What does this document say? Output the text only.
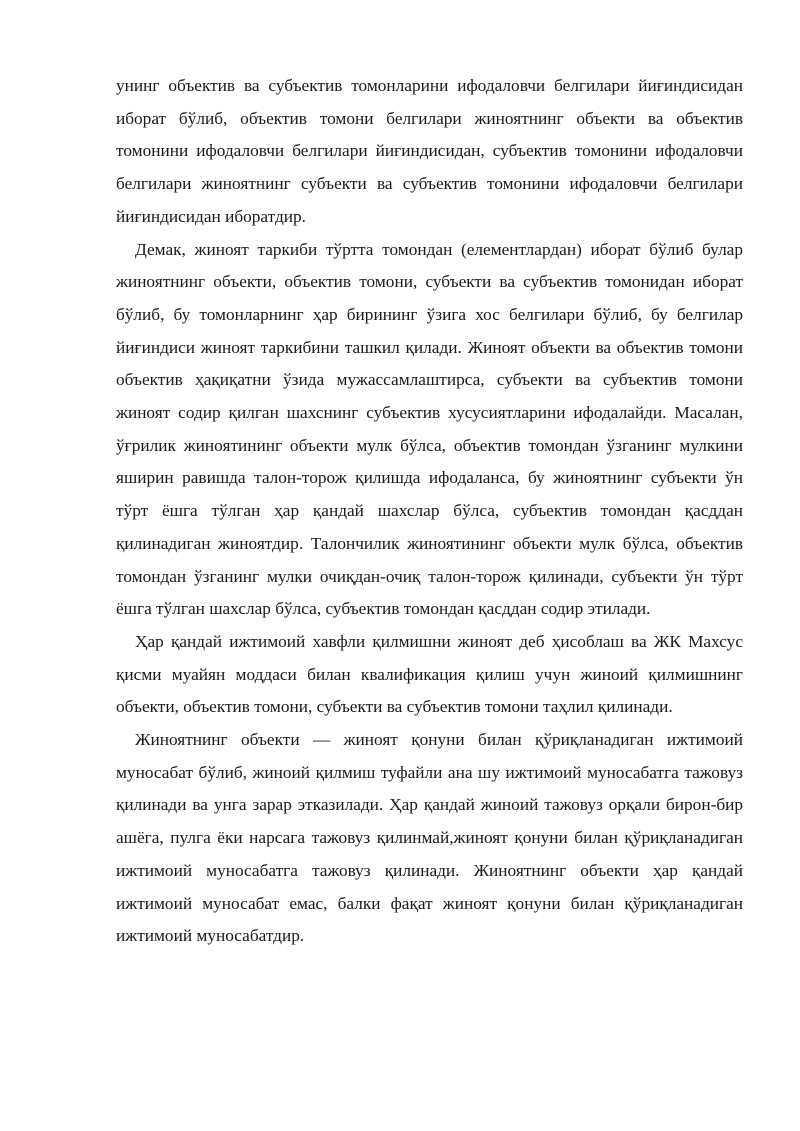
унинг объектив ва субъектив томонларини ифодаловчи белгилари йиғиндисидан иборат бўлиб, объектив томони белгилари жиноятнинг объекти ва объектив томонини ифодаловчи белгилари йиғиндисидан, субъектив томонини ифодаловчи белгилари жиноятнинг субъекти ва субъектив томонини ифодаловчи белгилари йиғиндисидан иборатдир.

Демак, жиноят таркиби тўртта томондан (елементлардан) иборат бўлиб булар жиноятнинг объекти, объектив томони, субъекти ва субъектив томонидан иборат бўлиб, бу томонларнинг ҳар бирининг ўзига хос белгилари бўлиб, бу белгилар йиғиндиси жиноят таркибини ташкил қилади. Жиноят объекти ва объектив томони объектив ҳақиқатни ўзида мужассамлаштирса, субъекти ва субъектив томони жиноят содир қилган шахснинг субъектив хусусиятларини ифодалайди. Масалан, ўғрилик жиноятининг объекти мулк бўлса, объектив томондан ўзганинг мулкини яширин равишда талон-торож қилишда ифодаланса, бу жиноятнинг субъекти ўн тўрт ёшга тўлган ҳар қандай шахслар бўлса, субъектив томондан қасддан қилинадиган жиноятдир. Талончилик жиноятининг объекти мулк бўлса, объектив томондан ўзганинг мулки очиқдан-очиқ талон-торож қилинади, субъекти ўн тўрт ёшга тўлган шахслар бўлса, субъектив томондан қасддан содир этилади.

Ҳар қандай ижтимоий хавфли қилмишни жиноят деб ҳисоблаш ва ЖК Махсус қисми муайян моддаси билан квалификация қилиш учун жиноий қилмишнинг объекти, объектив томони, субъекти ва субъектив томони таҳлил қилинади.

Жиноятнинг объекти — жиноят қонуни билан қўриқланадиган ижтимоий муносабат бўлиб, жиноий қилмиш туфайли ана шу ижтимоий муносабатга тажовуз қилинади ва унга зарар этказилади. Ҳар қандай жиноий тажовуз орқали бирон-бир ашёга, пулга ёки нарсага тажовуз қилинмай,жиноят қонуни билан қўриқланадиган ижтимоий муносабатга тажовуз қилинади. Жиноятнинг объекти ҳар қандай ижтимоий муносабат емас, балки фақат жиноят қонуни билан қўриқланадиган ижтимоий муносабатдир.
